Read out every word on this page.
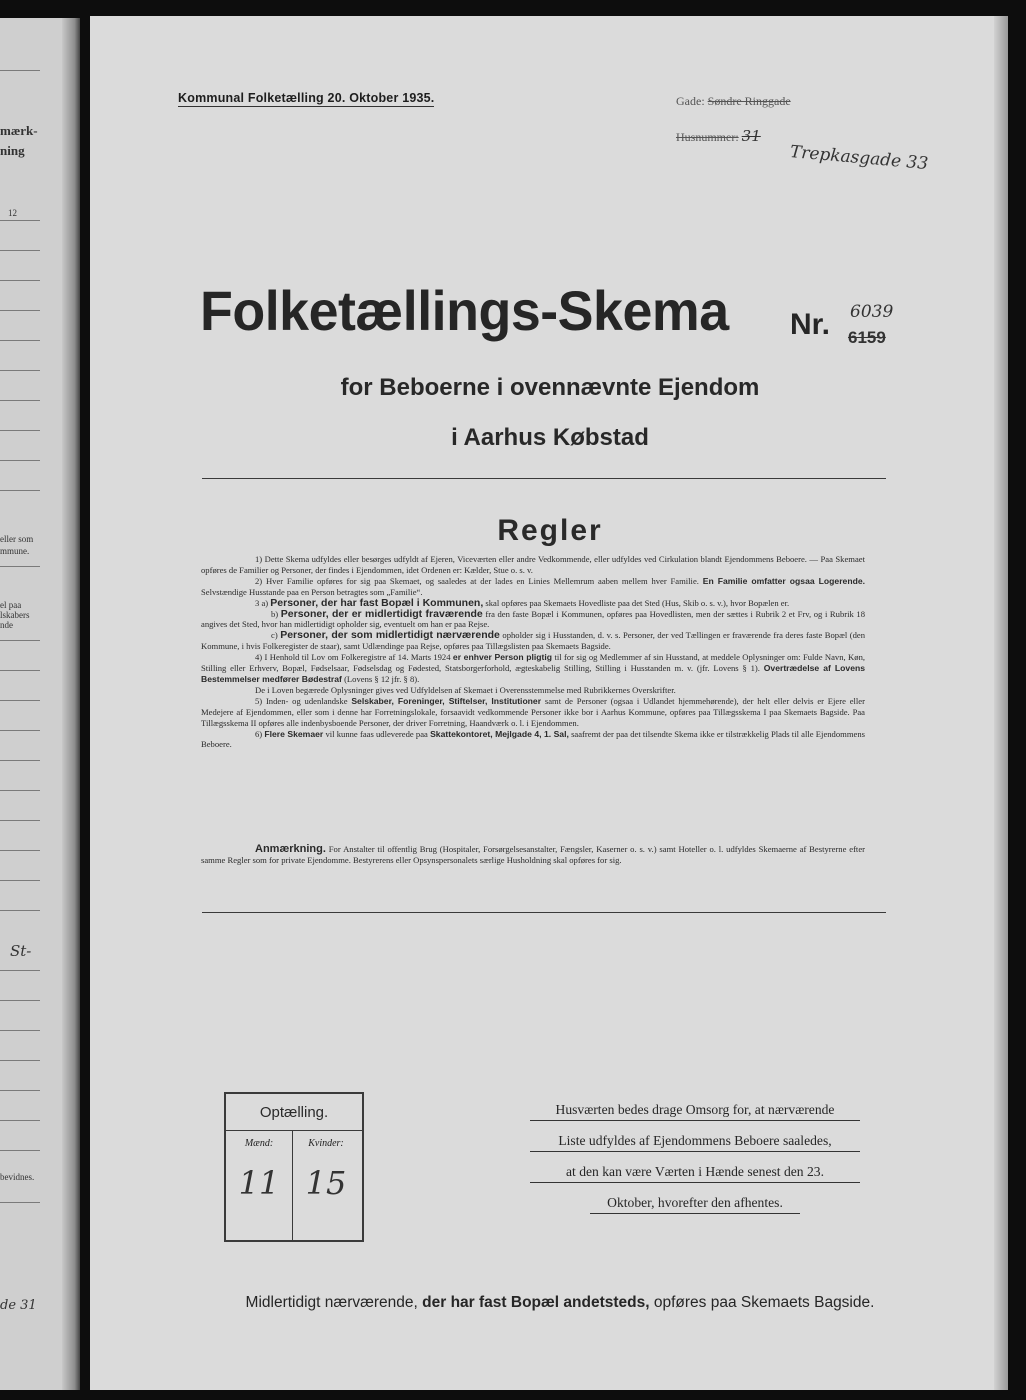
mærk-
ning
12
eller som
mmune.
el paa
lskabers
nde
St-
bevidnes.
de 31
Kommunal Folketælling 20. Oktober 1935.	Gade: Søndre Ringgade
Husnummer: 31
Trepkasgade 33
Folketællings-Skema Nr. 6039
6159
for Beboerne i ovennævnte Ejendom
i Aarhus Købstad
Regler

1) Dette Skema udfyldes eller besørges udfyldt af Ejeren, Viceværten eller andre Vedkommende, eller udfyldes ved Cirkulation blandt Ejendommens Beboere. — Paa Skemaet opføres de Familier og Personer, der findes i Ejendommen, idet Ordenen er: Kælder, Stue o. s. v.

2) Hver Familie opføres for sig paa Skemaet, og saaledes at der lades en Linies Mellemrum aaben mellem hver Familie. En Familie omfatter ogsaa Logerende. Selvstændige Husstande paa en Person betragtes som „Familie“.

3 a) Personer, der har fast Bopæl i Kommunen, skal opføres paa Skemaets Hovedliste paa det Sted (Hus, Skib o. s. v.), hvor Bopælen er.

b) Personer, der er midlertidigt fraværende fra den faste Bopæl i Kommunen, opføres paa Hovedlisten, men der sættes i Rubrik 2 et Frv, og i Rubrik 18 angives det Sted, hvor han midlertidigt opholder sig, eventuelt om han er paa Rejse.

c) Personer, der som midlertidigt nærværende opholder sig i Husstanden, d. v. s. Personer, der ved Tællingen er fraværende fra deres faste Bopæl (den Kommune, i hvis Folkeregister de staar), samt Udlændinge paa Rejse, opføres paa Tillægslisten paa Skemaets Bagside.

4) I Henhold til Lov om Folkeregistre af 14. Marts 1924 er enhver Person pligtig til for sig og Medlemmer af sin Husstand, at meddele Oplysninger om: Fulde Navn, Køn, Stilling eller Erhverv, Bopæl, Fødselsaar, Fødselsdag og Fødested, Statsborgerforhold, ægteskabelig Stilling, Stilling i Husstanden m. v. (jfr. Lovens § 1). Overtrædelse af Lovens Bestemmelser medfører Bødestraf (Lovens § 12 jfr. § 8).

De i Loven begærede Oplysninger gives ved Udfyldelsen af Skemaet i Overensstemmelse med Rubrikkernes Overskrifter.

5) Inden- og udenlandske Selskaber, Foreninger, Stiftelser, Institutioner samt de Personer (ogsaa i Udlandet hjemmehørende), der helt eller delvis er Ejere eller Medejere af Ejendommen, eller som i denne har Forretningslokale, forsaavidt vedkommende Personer ikke bor i Aarhus Kommune, opføres paa Tillægsskema I paa Skemaets Bagside. Paa Tillægsskema II opføres alle indenbysboende Personer, der driver Forretning, Haandværk o. l. i Ejendommen.

6) Flere Skemaer vil kunne faas udleverede paa Skattekontoret, Mejlgade 4, 1. Sal, saafremt der paa det tilsendte Skema ikke er tilstrækkelig Plads til alle Ejendommens Beboere.

Anmærkning. For Anstalter til offentlig Brug (Hospitaler, Forsørgelsesanstalter, Fængsler, Kaserner o. s. v.) samt Hoteller o. l. udfyldes Skemaerne af Bestyrerne efter samme Regler som for private Ejendomme. Bestyrerens eller Opsynspersonalets særlige Husholdning skal opføres for sig.
Optælling.
Mænd:	Kvinder:
11 15
Husværten bedes drage Omsorg for, at nærværende
Liste udfyldes af Ejendommens Beboere saaledes,
at den kan være Værten i Hænde senest den 23.
Oktober, hvorefter den afhentes.
Midlertidigt nærværende, der har fast Bopæl andetsteds, opføres paa Skemaets Bagside.
